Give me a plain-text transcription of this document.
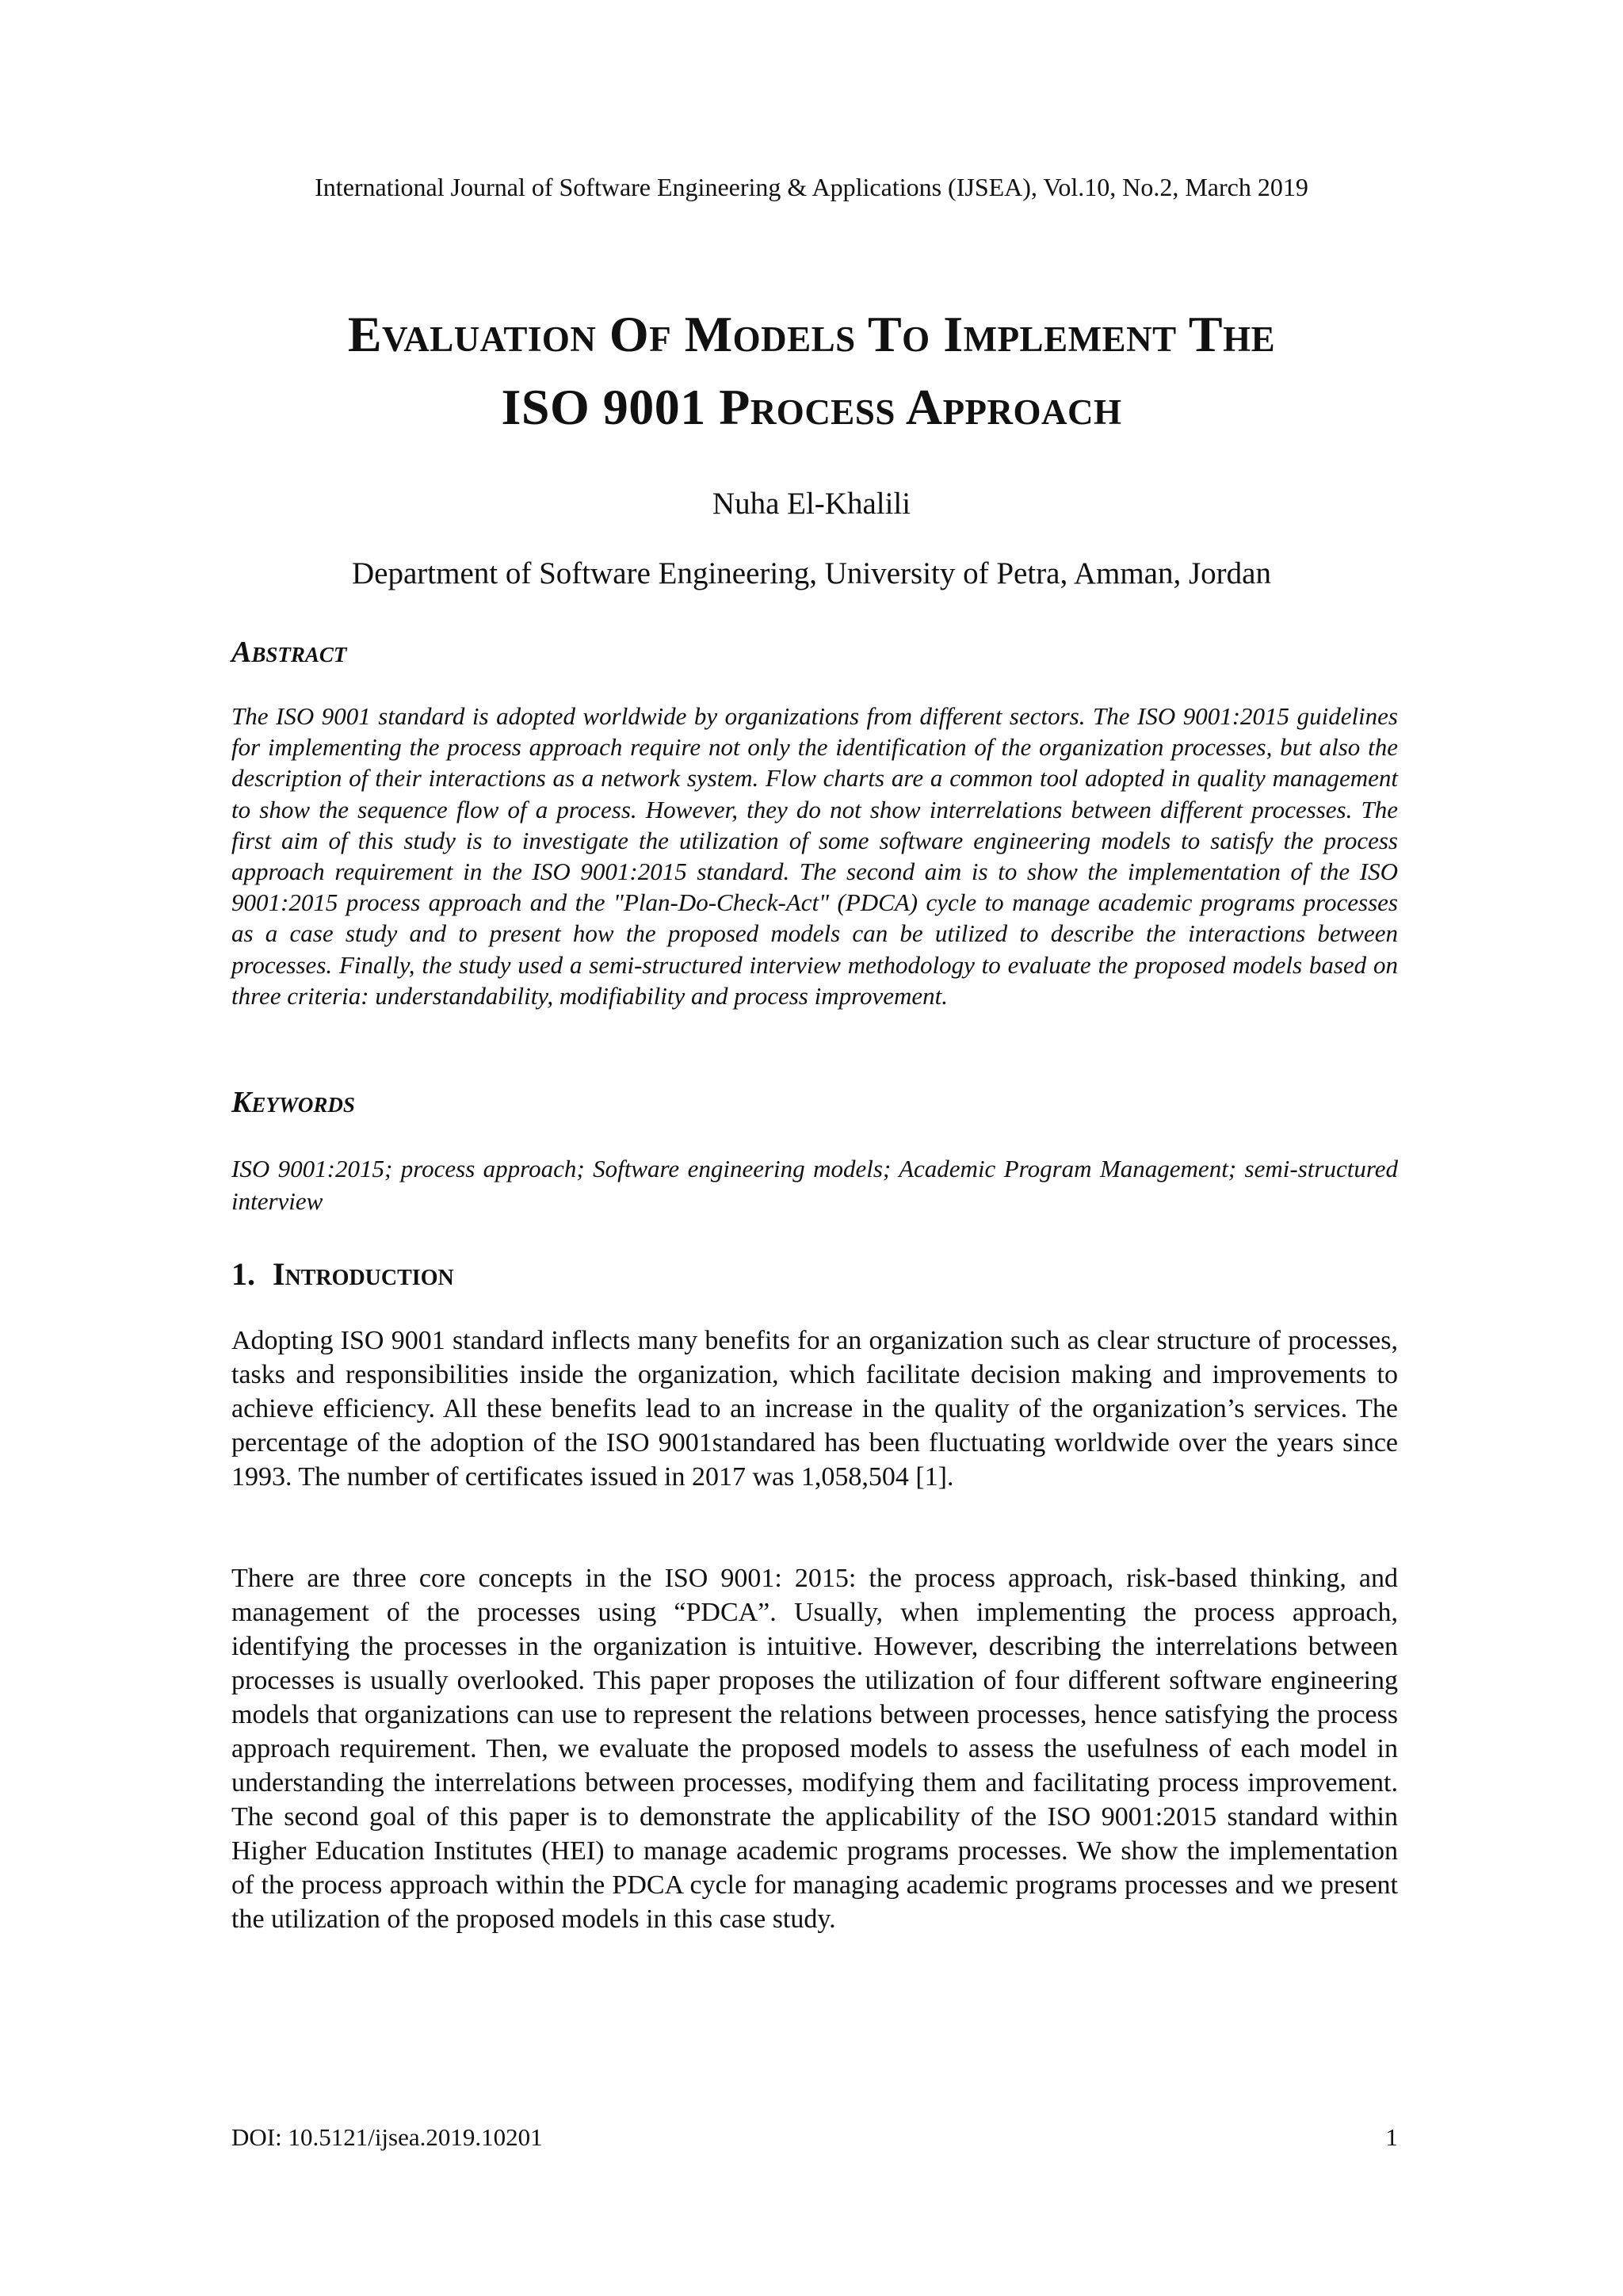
International Journal of Software Engineering & Applications (IJSEA), Vol.10, No.2, March 2019
Evaluation Of Models To Implement The
ISO 9001 Process Approach
Nuha El-Khalili
Department of Software Engineering, University of Petra, Amman, Jordan
Abstract

The ISO 9001 standard is adopted worldwide by organizations from different sectors. The ISO 9001:2015 guidelines for implementing the process approach require not only the identification of the organization processes, but also the description of their interactions as a network system. Flow charts are a common tool adopted in quality management to show the sequence flow of a process. However, they do not show interrelations between different processes. The first aim of this study is to investigate the utilization of some software engineering models to satisfy the process approach requirement in the ISO 9001:2015 standard. The second aim is to show the implementation of the ISO 9001:2015 process approach and the "Plan-Do-Check-Act" (PDCA) cycle to manage academic programs processes as a case study and to present how the proposed models can be utilized to describe the interactions between processes. Finally, the study used a semi-structured interview methodology to evaluate the proposed models based on three criteria: understandability, modifiability and process improvement.

Keywords

ISO 9001:2015; process approach; Software engineering models; Academic Program Management; semi-structured interview

1. Introduction

Adopting ISO 9001 standard inflects many benefits for an organization such as clear structure of processes, tasks and responsibilities inside the organization, which facilitate decision making and improvements to achieve efficiency. All these benefits lead to an increase in the quality of the organization’s services. The percentage of the adoption of the ISO 9001standared has been fluctuating worldwide over the years since 1993. The number of certificates issued in 2017 was 1,058,504 [1].

There are three core concepts in the ISO 9001: 2015: the process approach, risk-based thinking, and management of the processes using “PDCA”. Usually, when implementing the process approach, identifying the processes in the organization is intuitive. However, describing the interrelations between processes is usually overlooked. This paper proposes the utilization of four different software engineering models that organizations can use to represent the relations between processes, hence satisfying the process approach requirement. Then, we evaluate the proposed models to assess the usefulness of each model in understanding the interrelations between processes, modifying them and facilitating process improvement. The second goal of this paper is to demonstrate the applicability of the ISO 9001:2015 standard within Higher Education Institutes (HEI) to manage academic programs processes. We show the implementation of the process approach within the PDCA cycle for managing academic programs processes and we present the utilization of the proposed models in this case study.

DOI: 10.5121/ijsea.2019.10201	1
